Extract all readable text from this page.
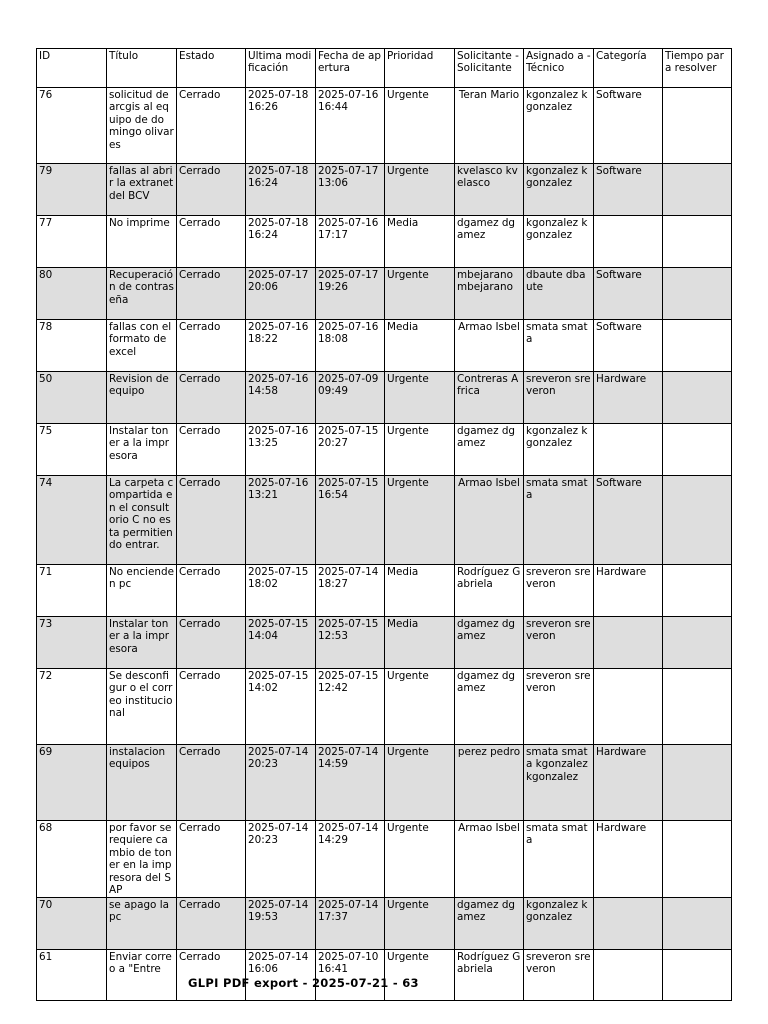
ID	Título	Estado	Ultima modificación	Fecha de apertura	Prioridad	Solicitante - Solicitante	Asignado a - Técnico	Categoría	Tiempo para resolver
76	solicitud de arcgis al equipo de domingo olivares	Cerrado	2025-07-18 16:26	2025-07-16 16:44	Urgente	Teran Mario	kgonzalez kgonzalez	Software	
79	fallas al abrir la extranet del BCV	Cerrado	2025-07-18 16:24	2025-07-17 13:06	Urgente	kvelasco kvelasco	kgonzalez kgonzalez	Software	
77	No imprime	Cerrado	2025-07-18 16:24	2025-07-16 17:17	Media	dgamez dgamez	kgonzalez kgonzalez		
80	Recuperación de contraseña	Cerrado	2025-07-17 20:06	2025-07-17 19:26	Urgente	mbejarano mbejarano	dbaute dbaute	Software	
78	fallas con el formato de excel	Cerrado	2025-07-16 18:22	2025-07-16 18:08	Media	Armao Isbel	smata smata	Software	
50	Revision de equipo	Cerrado	2025-07-16 14:58	2025-07-09 09:49	Urgente	Contreras Africa	sreveron sreveron	Hardware	
75	Instalar toner a la impresora	Cerrado	2025-07-16 13:25	2025-07-15 20:27	Urgente	dgamez dgamez	kgonzalez kgonzalez		
74	La carpeta compartida en el consultorio C no esta permitiendo entrar.	Cerrado	2025-07-16 13:21	2025-07-15 16:54	Urgente	Armao Isbel	smata smata	Software	
71	No encienden pc	Cerrado	2025-07-15 18:02	2025-07-14 18:27	Media	Rodríguez Gabriela	sreveron sreveron	Hardware	
73	Instalar toner a la impresora	Cerrado	2025-07-15 14:04	2025-07-15 12:53	Media	dgamez dgamez	sreveron sreveron		
72	Se desconfigur o el correo institucional	Cerrado	2025-07-15 14:02	2025-07-15 12:42	Urgente	dgamez dgamez	sreveron sreveron		
69	instalacion equipos	Cerrado	2025-07-14 20:23	2025-07-14 14:59	Urgente	perez pedro	smata smata kgonzalez kgonzalez	Hardware	
68	por favor se requiere cambio de toner en la impresora del SAP	Cerrado	2025-07-14 20:23	2025-07-14 14:29	Urgente	Armao Isbel	smata smata	Hardware	
70	se apago la pc	Cerrado	2025-07-14 19:53	2025-07-14 17:37	Urgente	dgamez dgamez	kgonzalez kgonzalez		
61	Enviar correo a "Entre	Cerrado	2025-07-14 16:06	2025-07-10 16:41	Urgente	Rodríguez Gabriela	sreveron sreveron		
GLPI PDF export - 2025-07-21 - 63
